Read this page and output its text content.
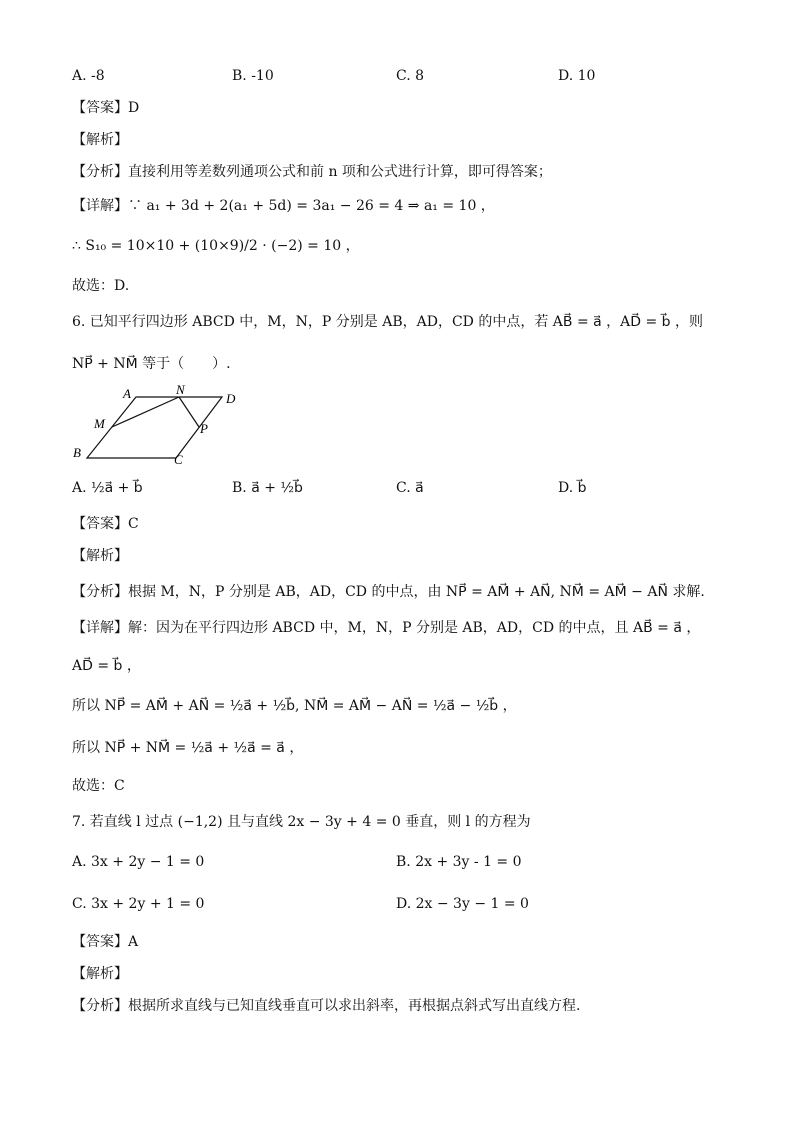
A. -8	B. -10	C. 8	D. 10
【答案】D
【解析】
【分析】直接利用等差数列通项公式和前 n 项和公式进行计算，即可得答案；
【详解】∵ a₁ + 3d + 2(a₁ + 5d) = 3a₁ − 26 = 4 ⇒ a₁ = 10 ，
∴ S₁₀ = 10×10 + (10×9)/2 · (−2) = 10 ，
故选：D.
6. 已知平行四边形 ABCD 中，M，N，P 分别是 AB，AD，CD 的中点，若 AB⃗ = a⃗ ，AD⃗ = b⃗ ，则
NP⃗ + NM⃗ 等于（　　）.
A	N
D
M	P
B	C
A. ½a⃗ + b⃗	B. a⃗ + ½b⃗	C. a⃗	D. b⃗
【答案】C
【解析】
【分析】根据 M，N，P 分别是 AB，AD，CD 的中点，由 NP⃗ = AM⃗ + AN⃗, NM⃗ = AM⃗ − AN⃗ 求解.
【详解】解：因为在平行四边形 ABCD 中，M，N，P 分别是 AB，AD，CD 的中点，且 AB⃗ = a⃗ ，
AD⃗ = b⃗ ，
所以 NP⃗ = AM⃗ + AN⃗ = ½a⃗ + ½b⃗, NM⃗ = AM⃗ − AN⃗ = ½a⃗ − ½b⃗ ，
所以 NP⃗ + NM⃗ = ½a⃗ + ½a⃗ = a⃗ ，
故选：C
7. 若直线 l 过点 (−1,2) 且与直线 2x − 3y + 4 = 0 垂直，则 l 的方程为
A. 3x + 2y − 1 = 0	B. 2x + 3y - 1 = 0
C. 3x + 2y + 1 = 0	D. 2x − 3y − 1 = 0
【答案】A
【解析】
【分析】根据所求直线与已知直线垂直可以求出斜率，再根据点斜式写出直线方程.
